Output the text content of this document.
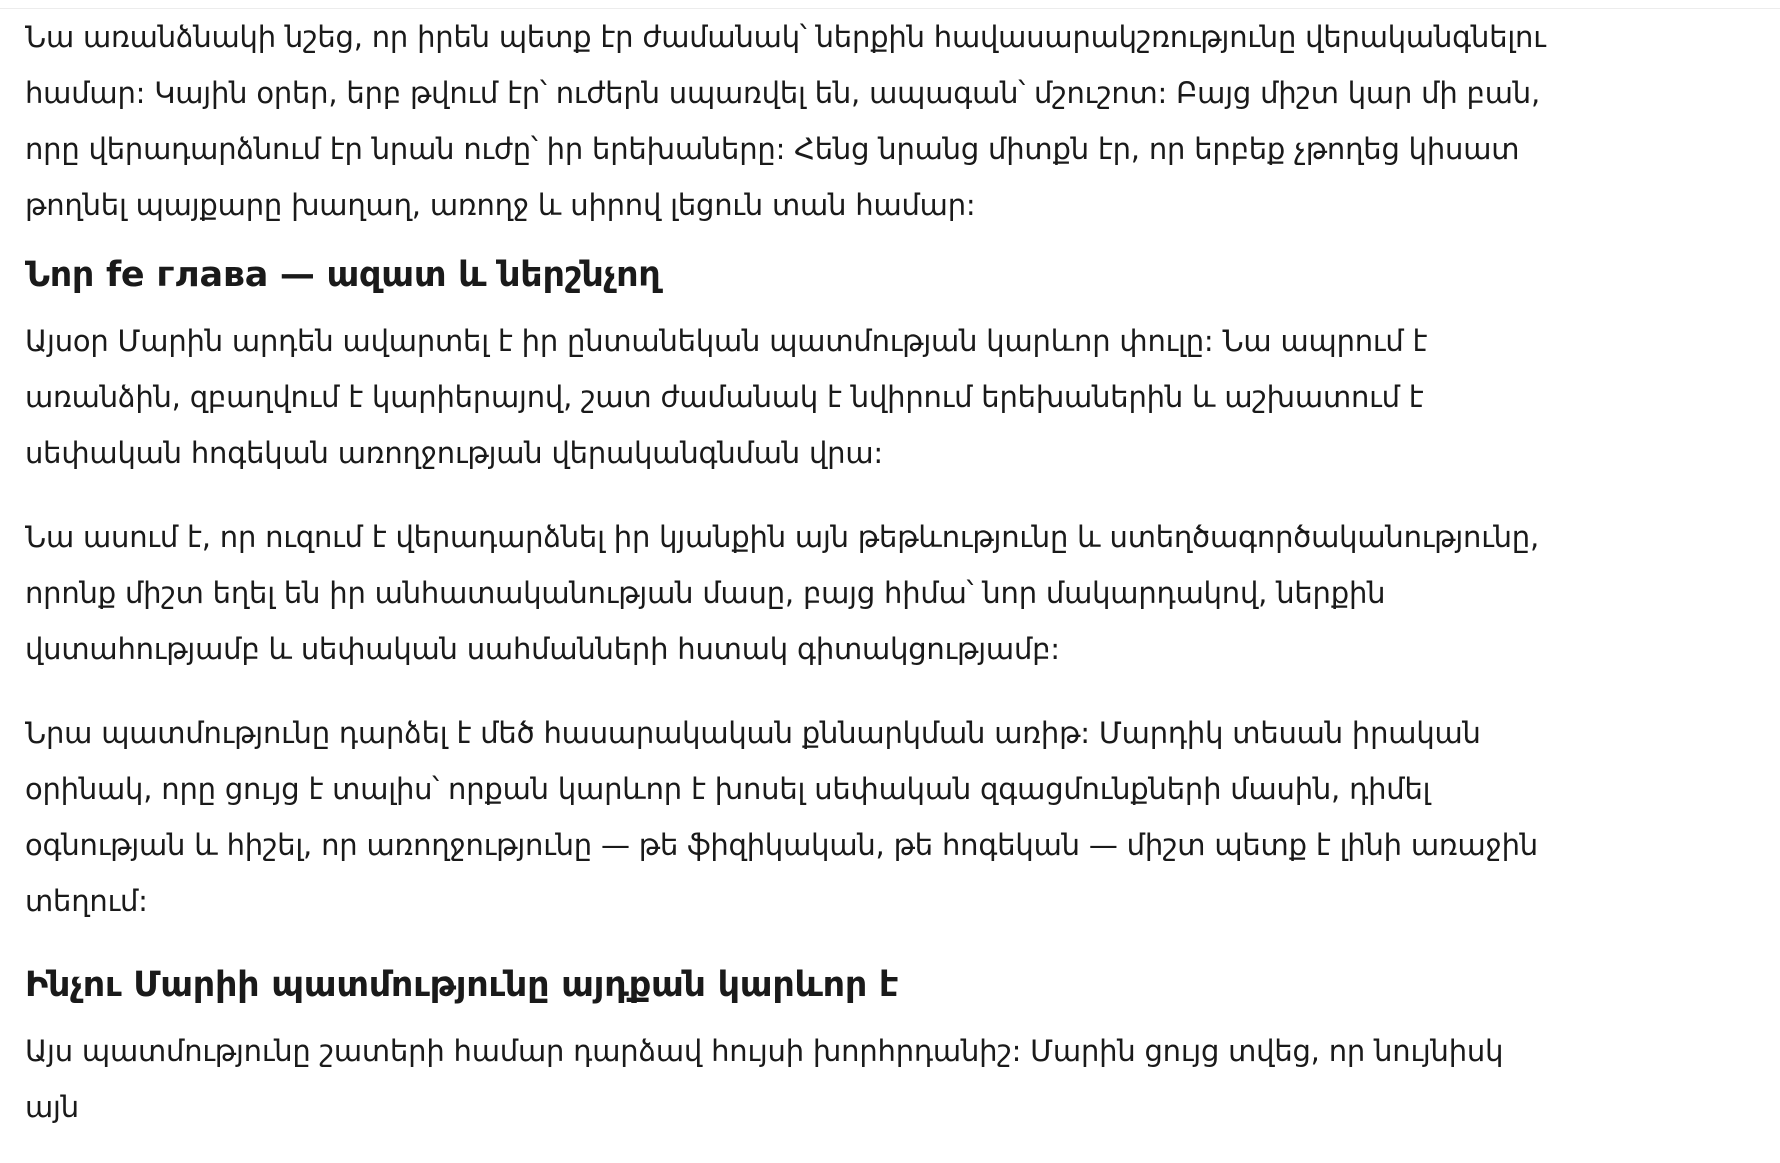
Նա առանձնակի նշեց, որ իրեն պետք էր ժամանակ՝ ներքին հավասարակշռությունը վերականգնելու համար: Կային օրեր, երբ թվում էր՝ ուժերն սպառվել են, ապագան՝ մշուշոտ: Բայց միշտ կար մի բան, որը վերադարձնում էր նրան ուժը՝ իր երեխաները: Հենց նրանց միտքն էր, որ երբեք չթողեց կիսատ թողնել պայքարը խաղաղ, առողջ և սիրով լեցուն տան համար:

Նոր fe глава — ազատ և ներշնչող

Այսօր Մարին արդեն ավարտել է իր ընտանեկան պատմության կարևոր փուլը: Նա ապրում է առանձին, զբաղվում է կարիերայով, շատ ժամանակ է նվիրում երեխաներին և աշխատում է սեփական հոգեկան առողջության վերականգնման վրա:

Նա ասում է, որ ուզում է վերադարձնել իր կյանքին այն թեթևությունը և ստեղծագործականությունը, որոնք միշտ եղել են իր անհատականության մասը, բայց հիմա՝ նոր մակարդակով, ներքին վստահությամբ և սեփական սահմանների հստակ գիտակցությամբ:

Նրա պատմությունը դարձել է մեծ հասարակական քննարկման առիթ: Մարդիկ տեսան իրական օրինակ, որը ցույց է տալիս՝ որքան կարևոր է խոսել սեփական զգացմունքների մասին, դիմել օգնության և հիշել, որ առողջությունը — թե ֆիզիկական, թե հոգեկան — միշտ պետք է լինի առաջին տեղում:

Ինչու Մարիի պատմությունը այդքան կարևոր է

Այս պատմությունը շատերի համար դարձավ հույսի խորհրդանիշ: Մարին ցույց տվեց, որ նույնիսկ այն
